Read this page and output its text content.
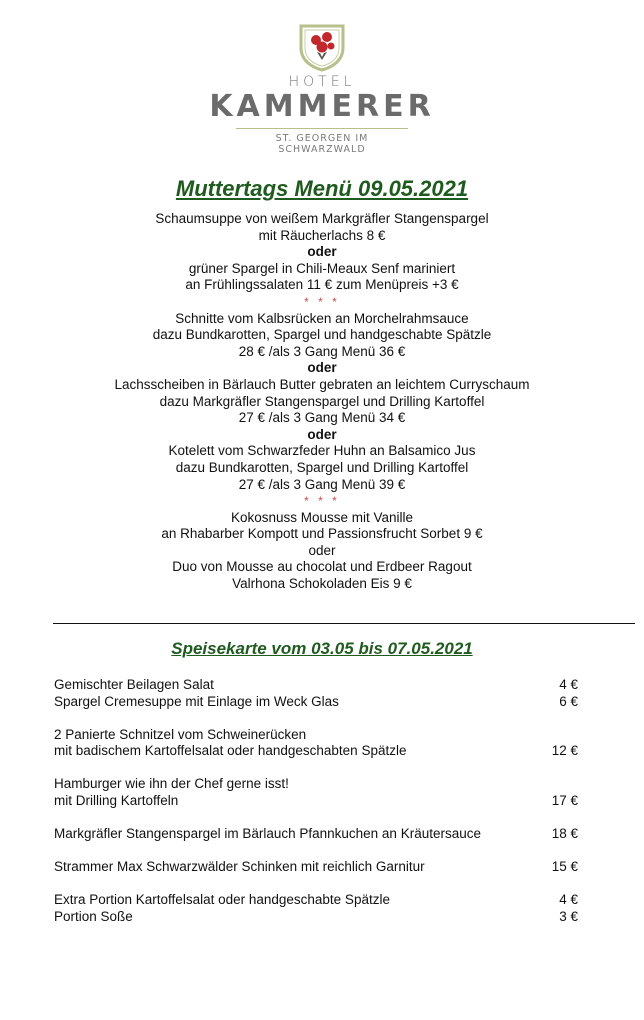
HOTEL
KAMMERER
ST. GEORGEN IM SCHWARZWALD
Muttertags Menü 09.05.2021
Schaumsuppe von weißem Markgräfler Stangenspargel
mit Räucherlachs 8 €
oder
grüner Spargel in Chili-Meaux Senf mariniert
an Frühlingssalaten 11 € zum Menüpreis +3 €
* * *
Schnitte vom Kalbsrücken an Morchelrahmsauce
dazu Bundkarotten, Spargel und handgeschabte Spätzle
28 € /als 3 Gang Menü 36 €
oder
Lachsscheiben in Bärlauch Butter gebraten an leichtem Curryschaum
dazu Markgräfler Stangenspargel und Drilling Kartoffel
27 € /als 3 Gang Menü 34 €
oder
Kotelett vom Schwarzfeder Huhn an Balsamico Jus
dazu Bundkarotten, Spargel und Drilling Kartoffel
27 € /als 3 Gang Menü 39 €
* * *
Kokosnuss Mousse mit Vanille
an Rhabarber Kompott und Passionsfrucht Sorbet 9 €
oder
Duo von Mousse au chocolat und Erdbeer Ragout
Valrhona Schokoladen Eis 9 €
Speisekarte vom 03.05 bis 07.05.2021
Gemischter Beilagen Salat	4 €
Spargel Cremesuppe mit Einlage im Weck Glas	6 €
2 Panierte Schnitzel vom Schweinerücken
mit badischem Kartoffelsalat oder handgeschabten Spätzle	12 €
Hamburger wie ihn der Chef gerne isst!
mit Drilling Kartoffeln	17 €
Markgräfler Stangenspargel im Bärlauch Pfannkuchen an Kräutersauce	18 €
Strammer Max Schwarzwälder Schinken mit reichlich Garnitur	15 €
Extra Portion Kartoffelsalat oder handgeschabte Spätzle	4 €
Portion Soße	3 €
